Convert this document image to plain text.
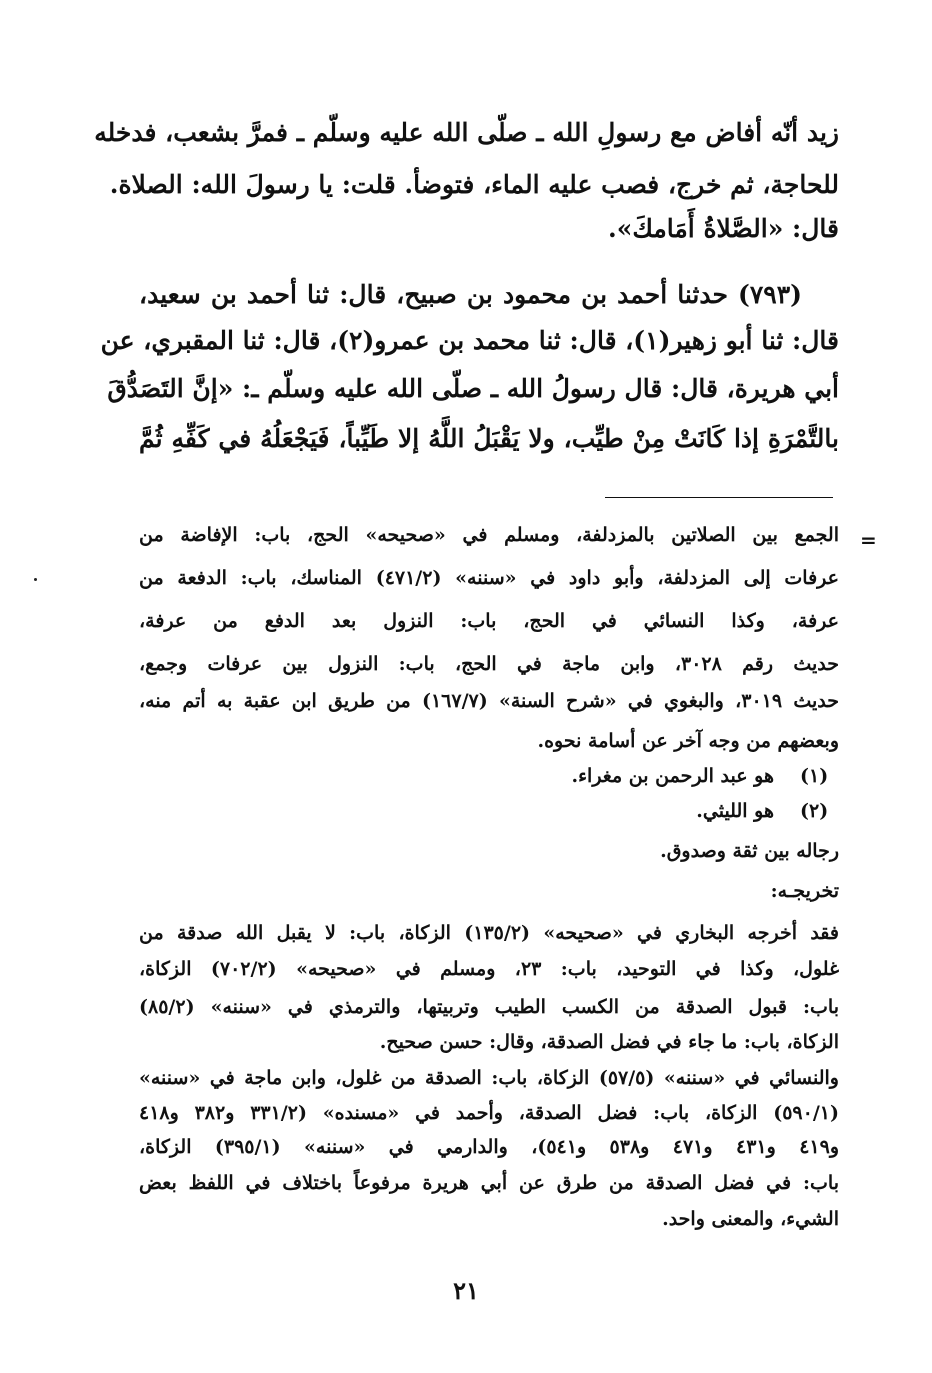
زيد أنّه أفاض مع رسولِ الله ـ صلّى الله عليه وسلّم ـ فمرَّ بشعب، فدخله
للحاجة، ثم خرج، فصب عليه الماء، فتوضأ. قلت: يا رسولَ الله: الصلاة.
قال: «الصَّلاةُ أَمَامكَ».
(٧٩٣) حدثنا أحمد بن محمود بن صبيح، قال: ثنا أحمد بن سعيد،
قال: ثنا أبو زهير(١)، قال: ثنا محمد بن عمرو(٢)، قال: ثنا المقبري، عن
أبي هريرة، قال: قال رسولُ الله ـ صلّى الله عليه وسلّم ـ: «إنَّ التَصَدُّقَ
بالتَّمْرَةِ إذا كَانَتْ مِنْ طيِّب، ولا يَقْبَلُ اللَّهُ إلا طَيِّباً، فَيَجْعَلُهُ في كَفِّهِ ثُمَّ
=
الجمع بين الصلاتين بالمزدلفة، ومسلم في «صحيحه» الحج، باب: الإفاضة من
عرفات إلى المزدلفة، وأبو داود في «سننه» (٤٧١/٢) المناسك، باب: الدفعة من
عرفة، وكذا النسائي في الحج، باب: النزول بعد الدفع من عرفة،
حديث رقم ٣٠٢٨، وابن ماجة في الحج، باب: النزول بين عرفات وجمع،
حديث ٣٠١٩، والبغوي في «شرح السنة» (١٦٧/٧) من طريق ابن عقبة به أتم منه،
وبعضهم من وجه آخر عن أسامة نحوه.
(١)
هو عبد الرحمن بن مغراء.
(٢)
هو الليثي.
رجاله بين ثقة وصدوق.
تخريجـه:
فقد أخرجه البخاري في «صحيحه» (١٣٥/٢) الزكاة، باب: لا يقبل الله صدقة من
غلول، وكذا في التوحيد، باب: ٢٣، ومسلم في «صحيحه» (٧٠٢/٢) الزكاة،
باب: قبول الصدقة من الكسب الطيب وتربيتها، والترمذي في «سننه» (٨٥/٢)
الزكاة، باب: ما جاء في فضل الصدقة، وقال: حسن صحيح.
والنسائي في «سننه» (٥٧/٥) الزكاة، باب: الصدقة من غلول، وابن ماجة في «سننه»
(٥٩٠/١) الزكاة، باب: فضل الصدقة، وأحمد في «مسنده» (٣٣١/٢ و٣٨٢ و٤١٨
و٤١٩ و٤٣١ و٤٧١ و٥٣٨ و٥٤١)، والدارمي في «سننه» (٣٩٥/١) الزكاة،
باب: في فضل الصدقة من طرق عن أبي هريرة مرفوعاً باختلاف في اللفظ بعض
الشيء، والمعنى واحد.
٢١
